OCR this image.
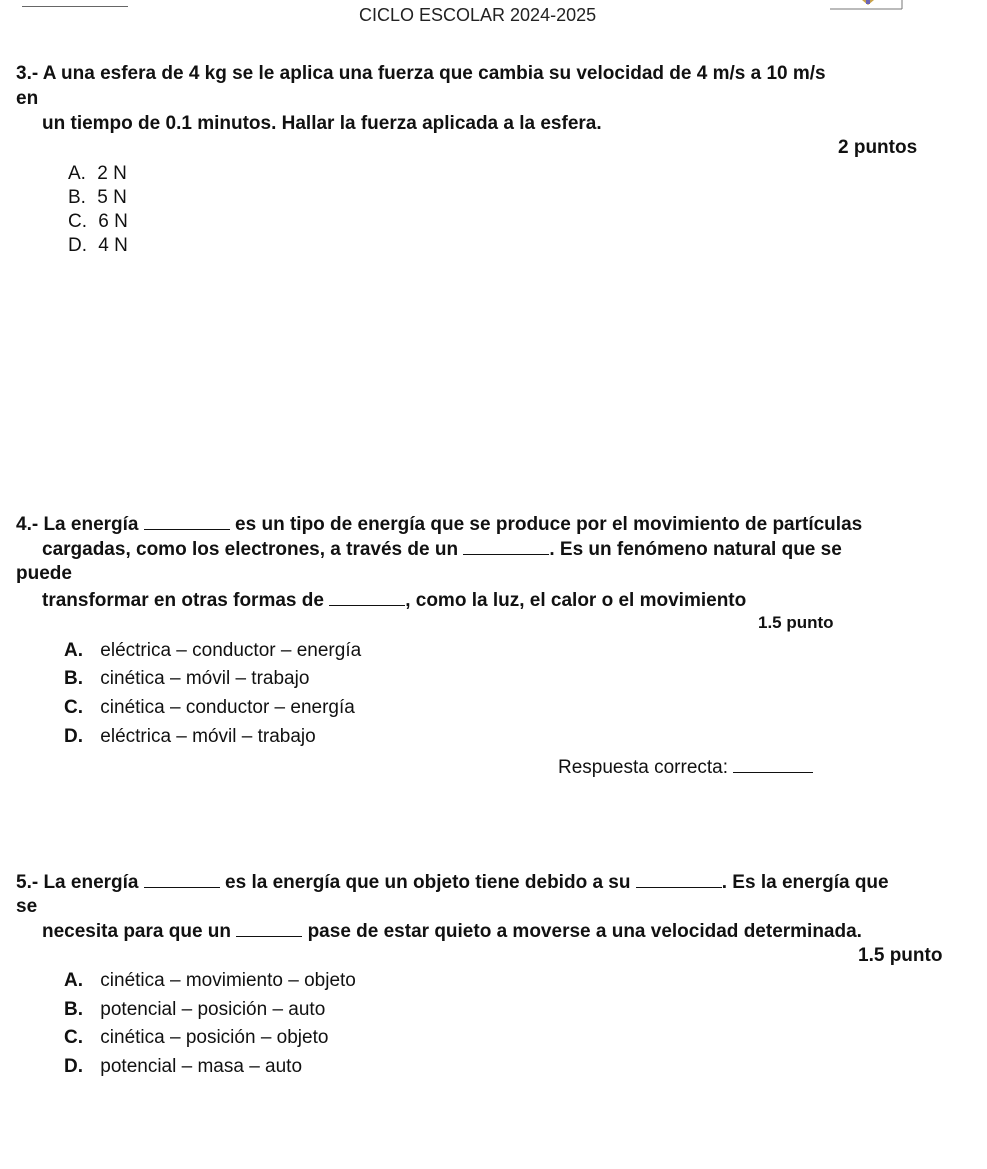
CICLO ESCOLAR 2024-2025
3.- A una esfera de 4 kg se le aplica una fuerza que cambia su velocidad de 4 m/s a 10 m/s
en
un tiempo de 0.1 minutos. Hallar la fuerza aplicada a la esfera.
2 puntos
A. 2 N
B. 5 N
C. 6 N
D. 4 N
4.- La energía	es un tipo de energía que se produce por el movimiento de partículas
cargadas, como los electrones, a través de un	. Es un fenómeno natural que se
puede
transformar en otras formas de	, como la luz, el calor o el movimiento
1.5 punto
A. eléctrica – conductor – energía
B. cinética – móvil – trabajo
C. cinética – conductor – energía
D. eléctrica – móvil – trabajo
Respuesta correcta:
5.- La energía	es la energía que un objeto tiene debido a su	. Es la energía que
se
necesita para que un	pase de estar quieto a moverse a una velocidad determinada.
1.5 punto
A. cinética – movimiento – objeto
B. potencial – posición – auto
C. cinética – posición – objeto
D. potencial – masa – auto
